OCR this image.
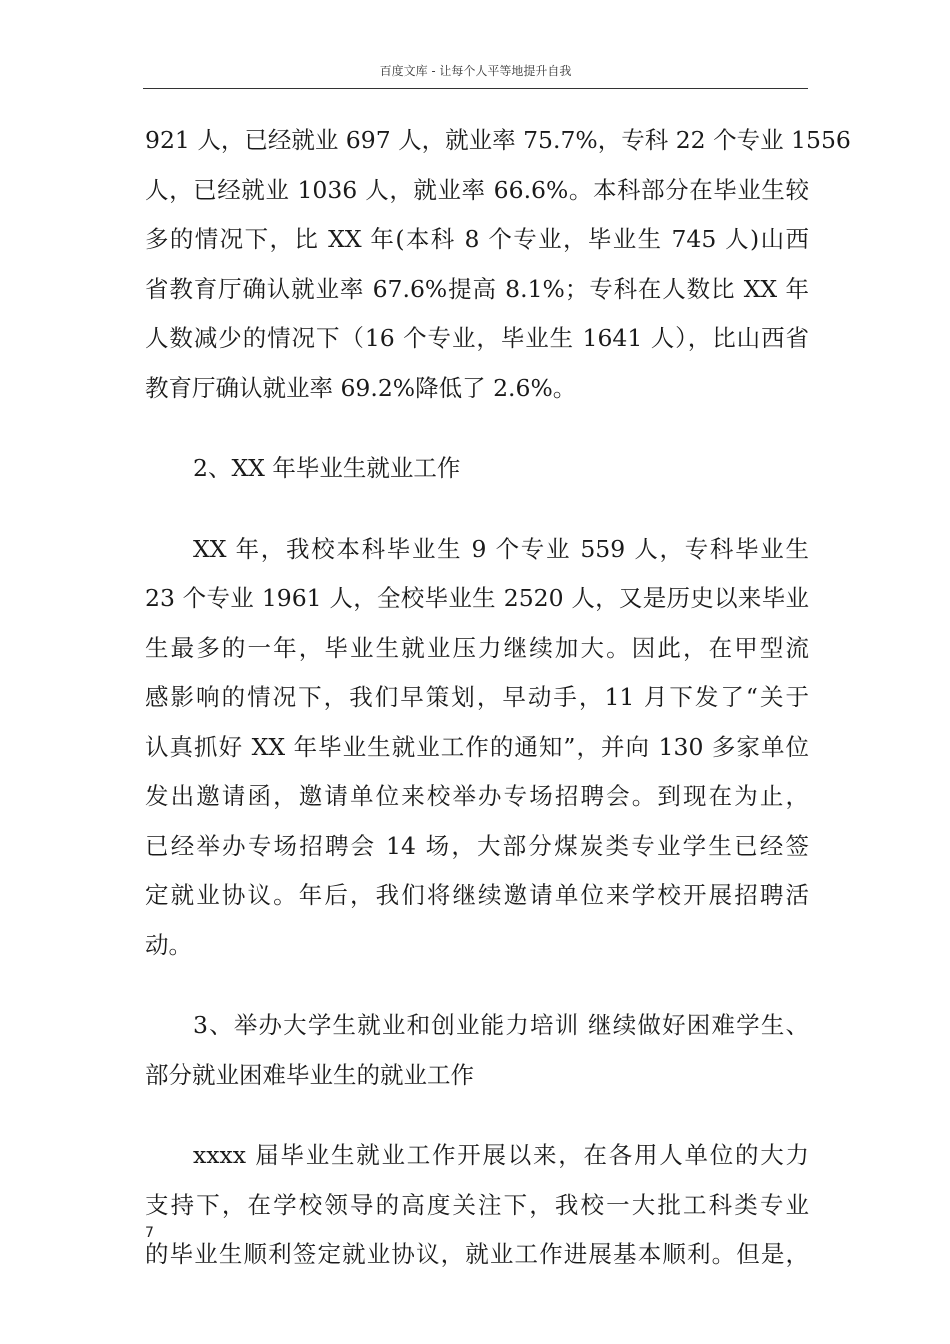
百度文库 - 让每个人平等地提升自我
921 人，已经就业 697 人，就业率 75.7%，专科 22 个专业 1556
人，已经就业 1036 人，就业率 66.6%。本科部分在毕业生较
多的情况下，比 XX 年(本科 8 个专业，毕业生 745 人)山西
省教育厅确认就业率 67.6%提高 8.1%；专科在人数比 XX 年
人数减少的情况下（16 个专业，毕业生 1641 人），比山西省
教育厅确认就业率 69.2%降低了 2.6%。
2、XX 年毕业生就业工作
XX 年，我校本科毕业生 9 个专业 559 人，专科毕业生
23 个专业 1961 人，全校毕业生 2520 人，又是历史以来毕业
生最多的一年，毕业生就业压力继续加大。因此，在甲型流
感影响的情况下，我们早策划，早动手，11 月下发了“关于
认真抓好 XX 年毕业生就业工作的通知”，并向 130 多家单位
发出邀请函，邀请单位来校举办专场招聘会。到现在为止，
已经举办专场招聘会 14 场，大部分煤炭类专业学生已经签
定就业协议。年后，我们将继续邀请单位来学校开展招聘活
动。
3、举办大学生就业和创业能力培训 继续做好困难学生、
部分就业困难毕业生的就业工作
xxxx 届毕业生就业工作开展以来，在各用人单位的大力
支持下，在学校领导的高度关注下，我校一大批工科类专业
的毕业生顺利签定就业协议，就业工作进展基本顺利。但是，
7
